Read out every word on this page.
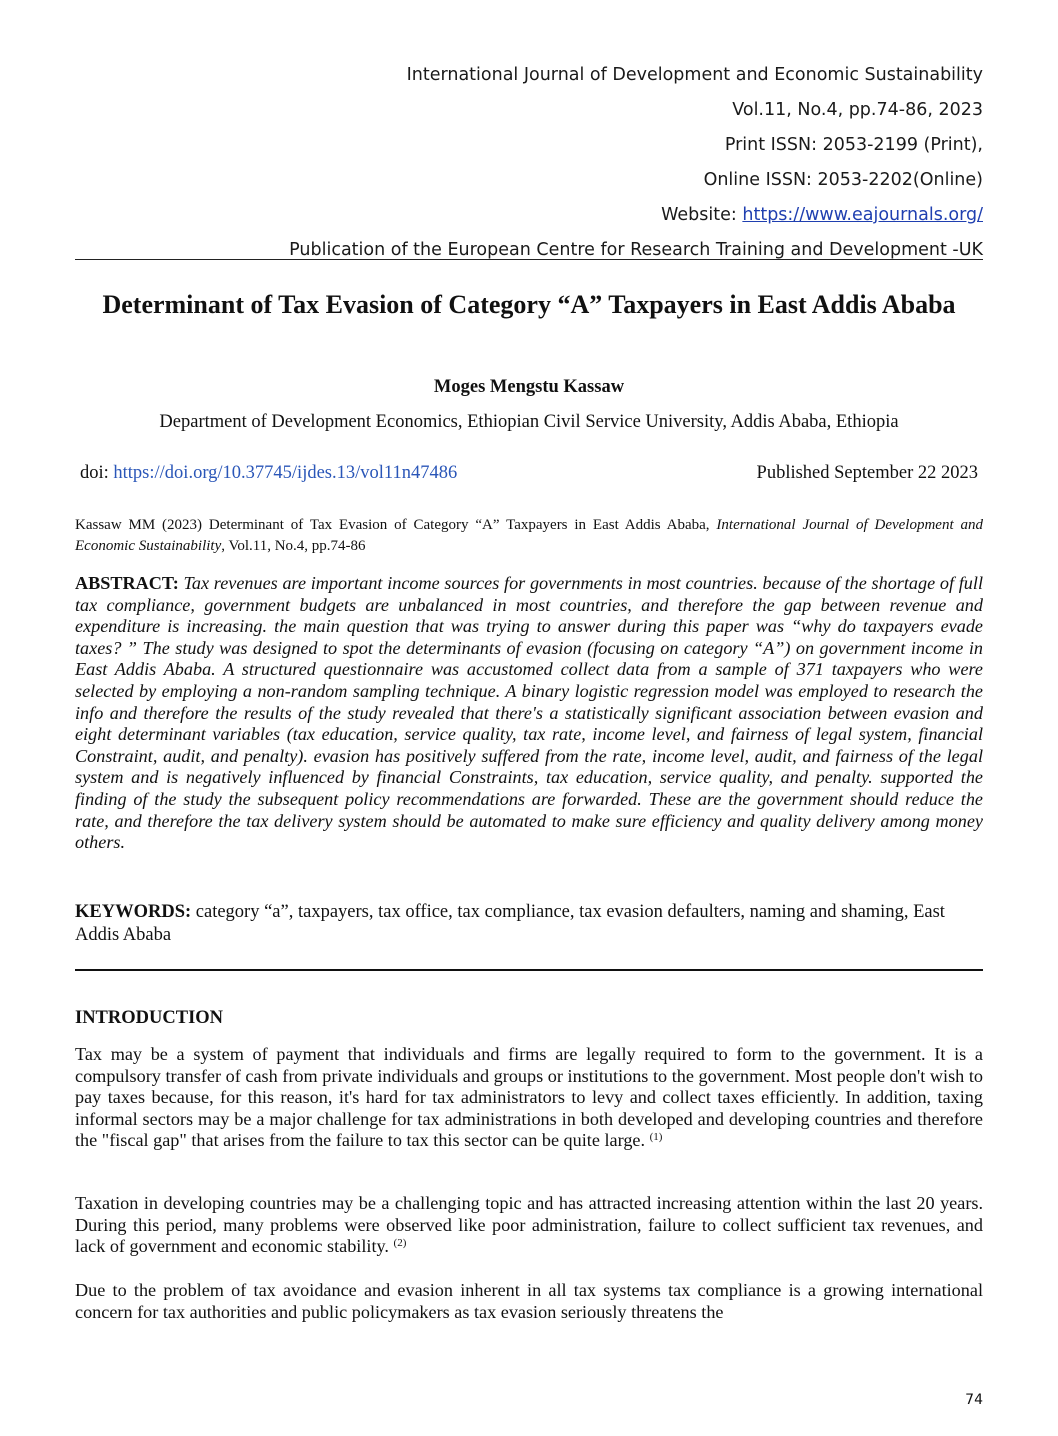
International Journal of Development and Economic Sustainability
Vol.11, No.4, pp.74-86, 2023
Print ISSN: 2053-2199 (Print),
Online ISSN: 2053-2202(Online)
Website: https://www.eajournals.org/
Publication of the European Centre for Research Training and Development -UK
Determinant of Tax Evasion of Category “A” Taxpayers in East Addis Ababa
Moges Mengstu Kassaw
Department of Development Economics, Ethiopian Civil Service University, Addis Ababa, Ethiopia
doi: https://doi.org/10.37745/ijdes.13/vol11n47486	Published September 22 2023
Kassaw MM (2023) Determinant of Tax Evasion of Category “A” Taxpayers in East Addis Ababa, International Journal of Development and Economic Sustainability, Vol.11, No.4, pp.74-86
ABSTRACT: Tax revenues are important income sources for governments in most countries. because of the shortage of full tax compliance, government budgets are unbalanced in most countries, and therefore the gap between revenue and expenditure is increasing. the main question that was trying to answer during this paper was “why do taxpayers evade taxes? ” The study was designed to spot the determinants of evasion (focusing on category “A”) on government income in East Addis Ababa. A structured questionnaire was accustomed collect data from a sample of 371 taxpayers who were selected by employing a non-random sampling technique. A binary logistic regression model was employed to research the info and therefore the results of the study revealed that there's a statistically significant association between evasion and eight determinant variables (tax education, service quality, tax rate, income level, and fairness of legal system, financial Constraint, audit, and penalty). evasion has positively suffered from the rate, income level, audit, and fairness of the legal system and is negatively influenced by financial Constraints, tax education, service quality, and penalty. supported the finding of the study the subsequent policy recommendations are forwarded. These are the government should reduce the rate, and therefore the tax delivery system should be automated to make sure efficiency and quality delivery among money others.
KEYWORDS: category “a”, taxpayers, tax office, tax compliance, tax evasion defaulters, naming and shaming, East Addis Ababa
INTRODUCTION
Tax may be a system of payment that individuals and firms are legally required to form to the government. It is a compulsory transfer of cash from private individuals and groups or institutions to the government. Most people don't wish to pay taxes because, for this reason, it's hard for tax administrators to levy and collect taxes efficiently. In addition, taxing informal sectors may be a major challenge for tax administrations in both developed and developing countries and therefore the "fiscal gap" that arises from the failure to tax this sector can be quite large. $^{(1)}$
Taxation in developing countries may be a challenging topic and has attracted increasing attention within the last 20 years. During this period, many problems were observed like poor administration, failure to collect sufficient tax revenues, and lack of government and economic stability. $^{(2)}$
Due to the problem of tax avoidance and evasion inherent in all tax systems tax compliance is a growing international concern for tax authorities and public policymakers as tax evasion seriously threatens the
74
